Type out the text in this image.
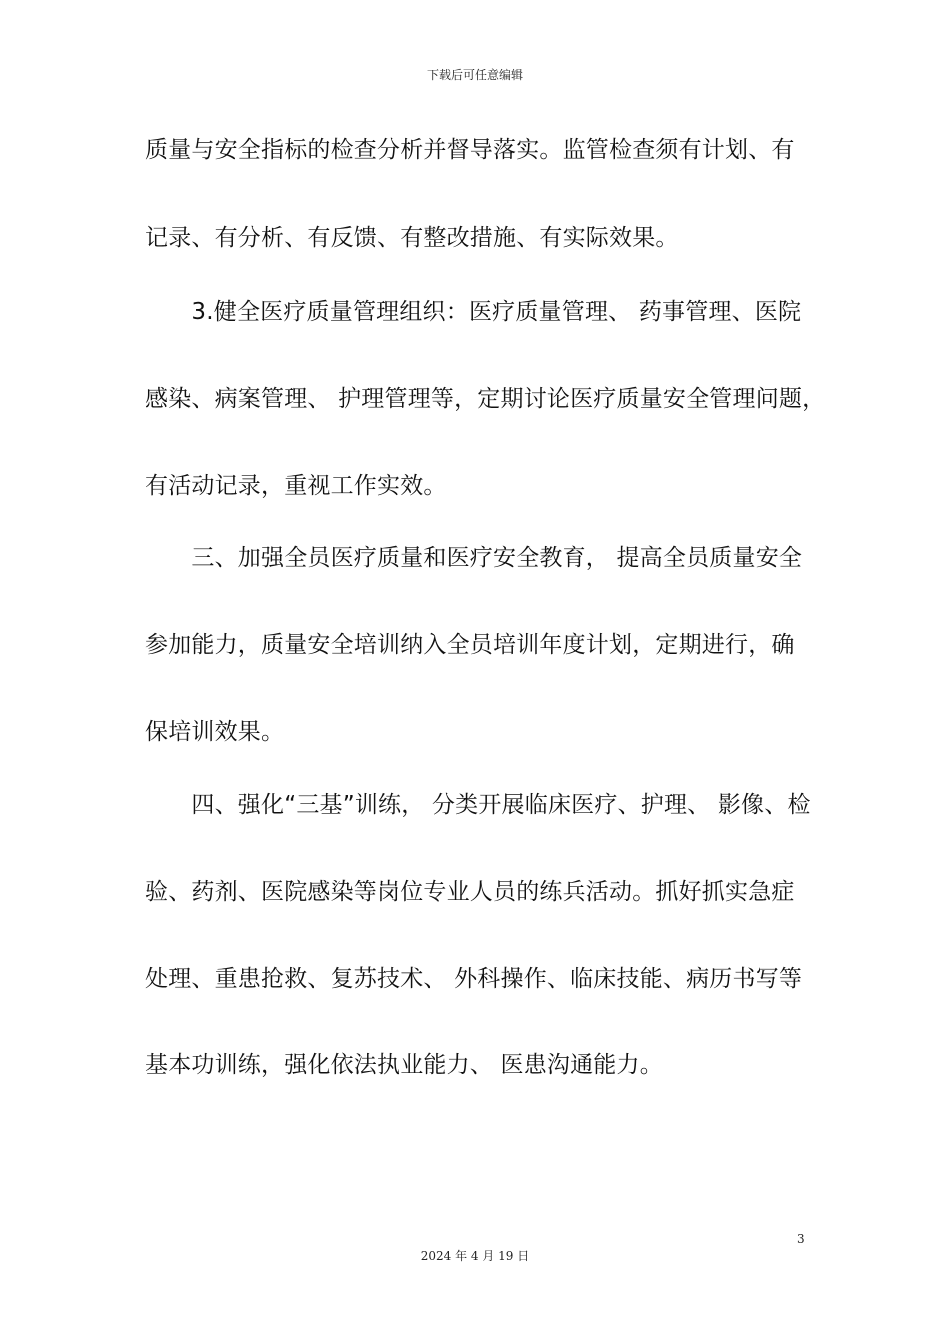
下载后可任意编辑
质量与安全指标的检查分析并督导落实。监管检查须有计划、有
记录、有分析、有反馈、有整改措施、有实际效果。
　　3.健全医疗质量管理组织：医疗质量管理、 药事管理、医院
感染、病案管理、 护理管理等，定期讨论医疗质量安全管理问题，
有活动记录，重视工作实效。
　　三、加强全员医疗质量和医疗安全教育， 提高全员质量安全
参加能力，质量安全培训纳入全员培训年度计划，定期进行，确
保培训效果。
　　四、强化“三基”训练， 分类开展临床医疗、护理、 影像、检
验、药剂、医院感染等岗位专业人员的练兵活动。抓好抓实急症
处理、重患抢救、复苏技术、 外科操作、临床技能、病历书写等
基本功训练，强化依法执业能力、 医患沟通能力。
3
2024 年 4 月 19 日
